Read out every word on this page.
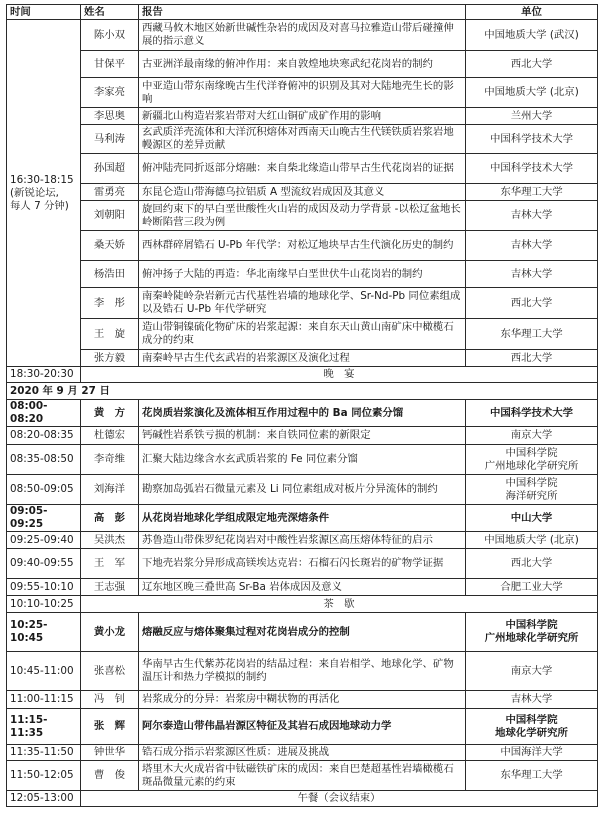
时间	姓名	报告	单位

16:30-18:15
(新锐论坛,
每人 7 分钟)	陈小双	西藏马攸木地区始新世碱性杂岩的成因及对喜马拉雅造山带后碰撞伸展的指示意义	中国地质大学 (武汉)
	甘保平	古亚洲洋最南缘的俯冲作用：来自敦煌地块寒武纪花岗岩的制约	西北大学
	李家亮	中亚造山带东南缘晚古生代洋脊俯冲的识别及其对大陆地壳生长的影响	中国地质大学 (北京)
	李思奥	新疆北山构造岩浆岩带对大红山铜矿成矿作用的影响	兰州大学
	马利涛	玄武质洋壳流体和大洋沉积熔体对西南天山晚古生代镁铁质岩浆岩地幔源区的差异贡献	中国科学技术大学
	孙国超	俯冲陆壳同折返部分熔融：来自柴北缘造山带早古生代花岗岩的证据	中国科学技术大学
	雷勇亮	东昆仑造山带海德乌拉铝质 A 型流纹岩成因及其意义	东华理工大学
	刘朝阳	旋回约束下的早白垩世酸性火山岩的成因及动力学背景 -以松辽盆地长岭断陷营三段为例	吉林大学
	桑天娇	西林群碎屑锆石 U-Pb 年代学：对松辽地块早古生代演化历史的制约	吉林大学
	杨浩田	俯冲扬子大陆的再造：华北南缘早白垩世伏牛山花岗岩的制约	吉林大学
	李　彤	南秦岭陡岭杂岩新元古代基性岩墙的地球化学、Sr-Nd-Pb 同位素组成以及锆石 U-Pb 年代学研究	西北大学
	王　旋	造山带铜镍硫化物矿床的岩浆起源：来自东天山黄山南矿床中橄榄石成分的约束	东华理工大学
	张方毅	南秦岭早古生代玄武岩的岩浆源区及演化过程	西北大学
18:30-20:30	晚　宴		
2020 年 9 月 27 日			
08:00-08:20	黄　方	花岗质岩浆演化及流体相互作用过程中的 Ba 同位素分馏	中国科学技术大学
08:20-08:35	杜德宏	钙碱性岩系铁亏损的机制：来自铁同位素的新限定	南京大学
08:35-08:50	李奇维	汇聚大陆边缘含水玄武质岩浆的 Fe 同位素分馏	中国科学院
广州地球化学研究所
08:50-09:05	刘海洋	勘察加岛弧岩石微量元素及 Li 同位素组成对板片分异流体的制约	中国科学院
海洋研究所
09:05-09:25	高　彭	从花岗岩地球化学组成限定地壳深熔条件	中山大学
09:25-09:40	吴洪杰	苏鲁造山带侏罗纪花岗岩对中酸性岩浆源区高压熔体特征的启示	中国地质大学 (北京)
09:40-09:55	王　军	下地壳岩浆分异形成高镁埃达克岩：石榴石闪长斑岩的矿物学证据	西北大学
09:55-10:10	王志强	辽东地区晚三叠世高 Sr-Ba 岩体成因及意义	合肥工业大学
10:10-10:25	茶　歇		
10:25-10:45	黄小龙	熔融反应与熔体聚集过程对花岗岩成分的控制	中国科学院
广州地球化学研究所
10:45-11:00	张喜松	华南早古生代紫苏花岗岩的结晶过程：来自岩相学、地球化学、矿物温压计和热力学模拟的制约	南京大学
11:00-11:15	冯　钊	岩浆成分的分异：岩浆房中糊状物的再活化	吉林大学
11:15-11:35	张　辉	阿尔泰造山带伟晶岩源区特征及其岩石成因地球动力学	中国科学院
地球化学研究所
11:35-11:50	钟世华	锆石成分指示岩浆源区性质：进展及挑战	中国海洋大学
11:50-12:05	曹　俊	塔里木大火成岩省中钛磁铁矿床的成因：来自巴楚超基性岩墙橄榄石斑晶微量元素的约束	东华理工大学
12:05-13:00	午餐（会议结束）		
